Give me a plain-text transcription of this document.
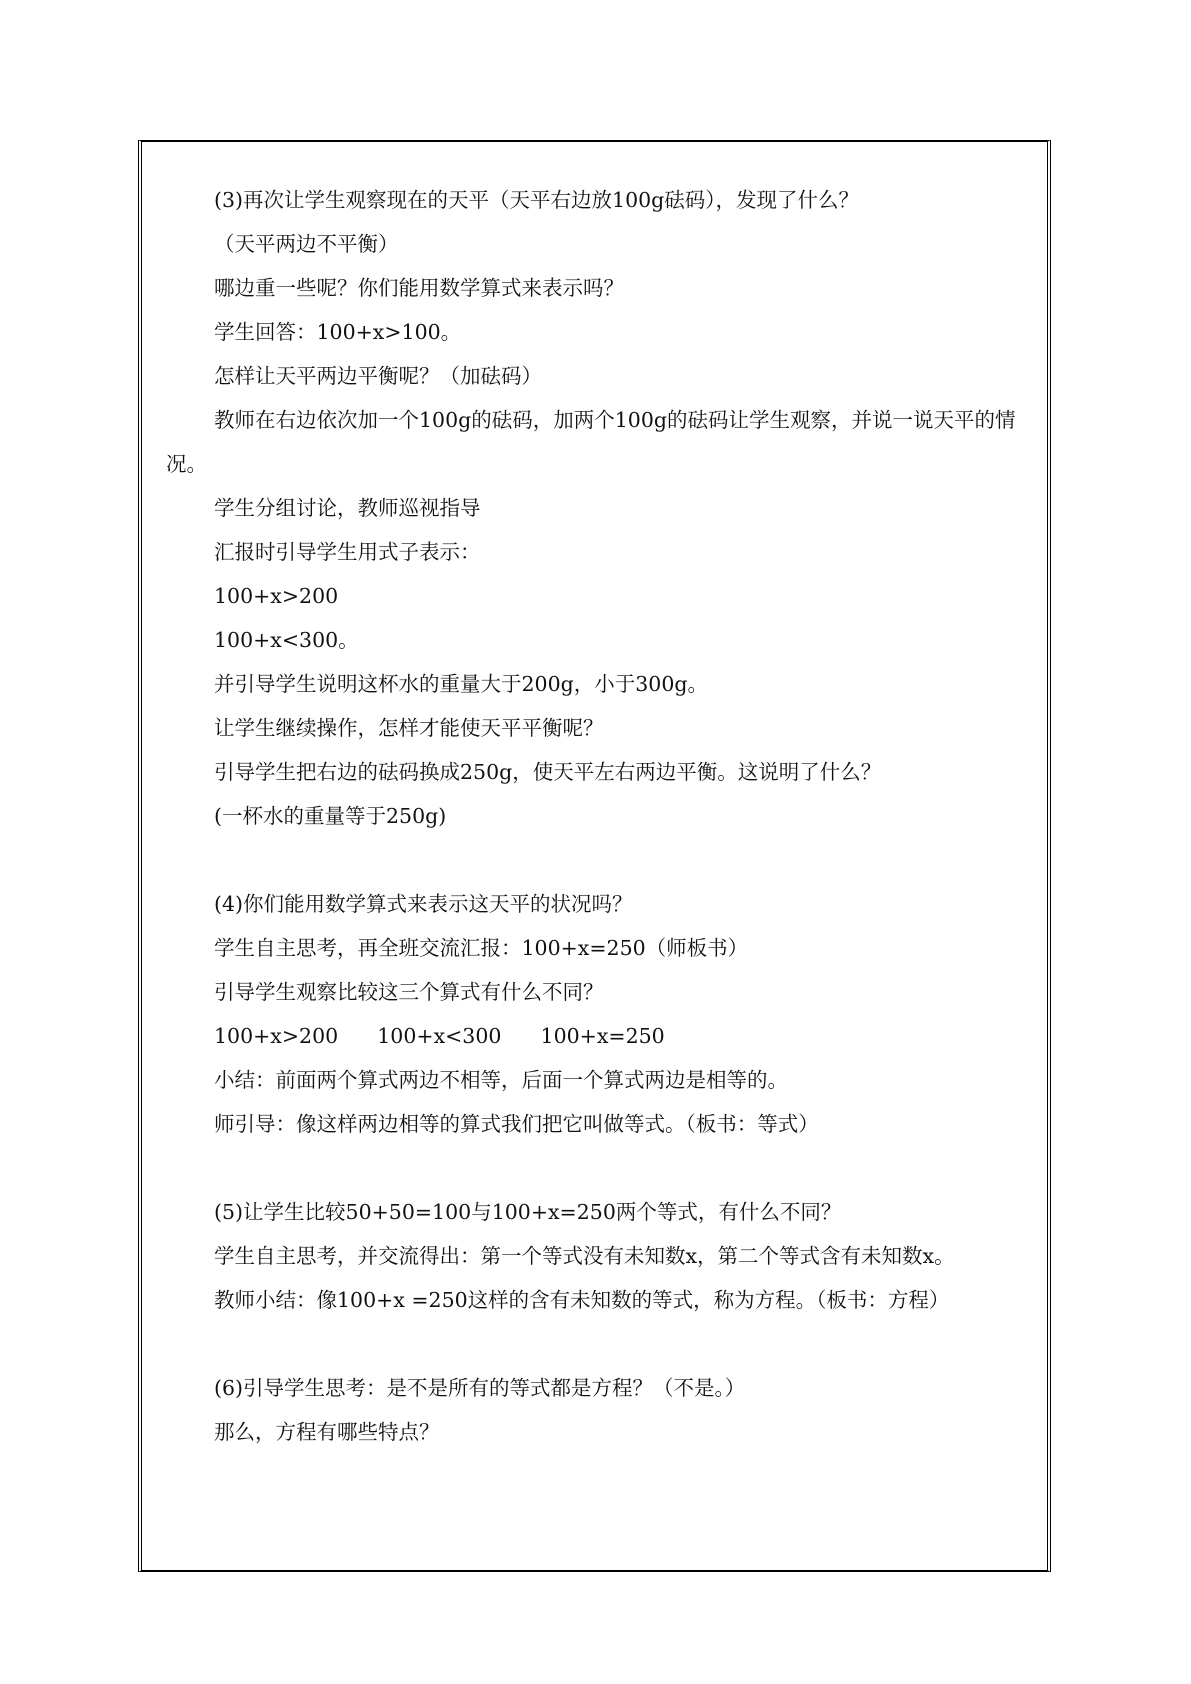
(3)再次让学生观察现在的天平（天平右边放100g砝码），发现了什么？

（天平两边不平衡）

哪边重一些呢？你们能用数学算式来表示吗？

学生回答：100+x>100。

怎样让天平两边平衡呢？（加砝码）

教师在右边依次加一个100g的砝码，加两个100g的砝码让学生观察，并说一说天平的情况。

学生分组讨论，教师巡视指导

汇报时引导学生用式子表示：

100+x>200

100+x<300。

并引导学生说明这杯水的重量大于200g，小于300g。

让学生继续操作，怎样才能使天平平衡呢？

引导学生把右边的砝码换成250g，使天平左右两边平衡。这说明了什么？

(一杯水的重量等于250g)

(4)你们能用数学算式来表示这天平的状况吗？

学生自主思考，再全班交流汇报：100+x=250（师板书）

引导学生观察比较这三个算式有什么不同？

100+x>200      100+x<300      100+x=250

小结：前面两个算式两边不相等，后面一个算式两边是相等的。

师引导：像这样两边相等的算式我们把它叫做等式。（板书：等式）

(5)让学生比较50+50=100与100+x=250两个等式，有什么不同？

学生自主思考，并交流得出：第一个等式没有未知数x，第二个等式含有未知数x。

教师小结：像100+x =250这样的含有未知数的等式，称为方程。（板书：方程）

(6)引导学生思考：是不是所有的等式都是方程？（不是。）

那么，方程有哪些特点？
